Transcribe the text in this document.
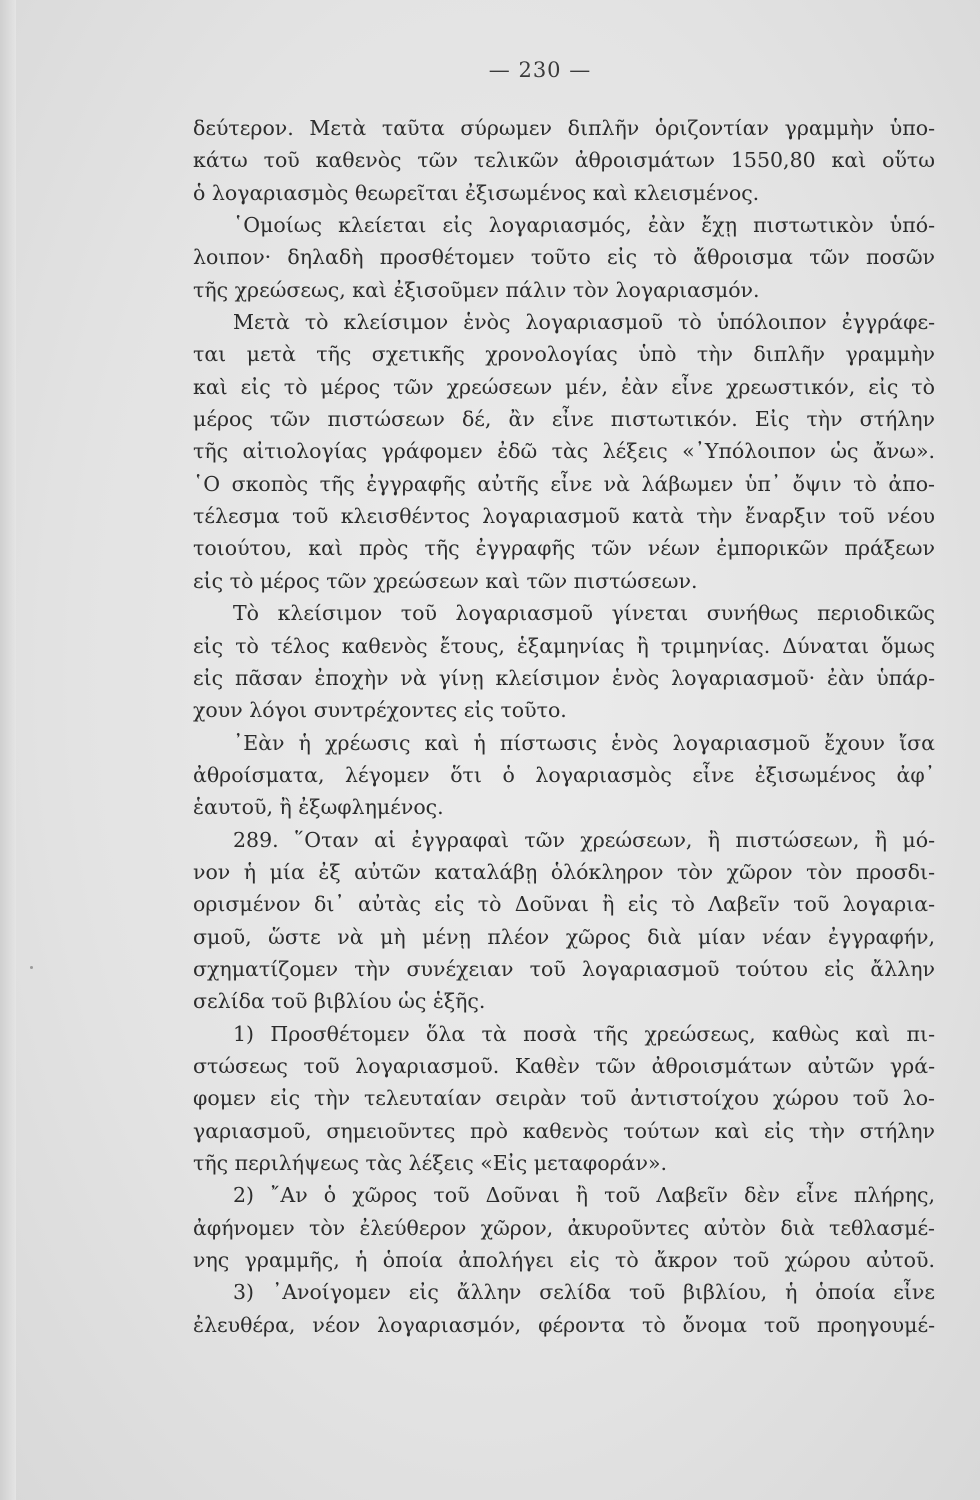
— 230 —
δεύτερον. Μετὰ ταῦτα σύρωμεν διπλῆν ὁριζοντίαν γραμμὴν ὑπο-
κάτω τοῦ καθενὸς τῶν τελικῶν ἀθροισμάτων 1550,80 καὶ οὕτω
ὁ λογαριασμὸς θεωρεῖται ἐξισωμένος καὶ κλεισμένος.
῾Ομοίως κλείεται εἰς λογαριασμός, ἐὰν ἔχῃ πιστωτικὸν ὑπό-
λοιπον· δηλαδὴ προσθέτομεν τοῦτο εἰς τὸ ἄθροισμα τῶν ποσῶν
τῆς χρεώσεως, καὶ ἐξισοῦμεν πάλιν τὸν λογαριασμόν.
Μετὰ τὸ κλείσιμον ἑνὸς λογαριασμοῦ τὸ ὑπόλοιπον ἐγγράφε-
ται μετὰ τῆς σχετικῆς χρονολογίας ὑπὸ τὴν διπλῆν γραμμὴν
καὶ εἰς τὸ μέρος τῶν χρεώσεων μέν, ἐὰν εἶνε χρεωστικόν, εἰς τὸ
μέρος τῶν πιστώσεων δέ, ἂν εἶνε πιστωτικόν. Εἰς τὴν στήλην
τῆς αἰτιολογίας γράφομεν ἐδῶ τὰς λέξεις «᾿Υπόλοιπον ὡς ἄνω».
῾Ο σκοπὸς τῆς ἐγγραφῆς αὐτῆς εἶνε νὰ λάβωμεν ὑπ᾿ ὄψιν τὸ ἀπο-
τέλεσμα τοῦ κλεισθέντος λογαριασμοῦ κατὰ τὴν ἔναρξιν τοῦ νέου
τοιούτου, καὶ πρὸς τῆς ἐγγραφῆς τῶν νέων ἐμπορικῶν πράξεων
εἰς τὸ μέρος τῶν χρεώσεων καὶ τῶν πιστώσεων.
Τὸ κλείσιμον τοῦ λογαριασμοῦ γίνεται συνήθως περιοδικῶς
εἰς τὸ τέλος καθενὸς ἔτους, ἑξαμηνίας ἢ τριμηνίας. Δύναται ὅμως
εἰς πᾶσαν ἐποχὴν νὰ γίνῃ κλείσιμον ἑνὸς λογαριασμοῦ· ἐὰν ὑπάρ-
χουν λόγοι συντρέχοντες εἰς τοῦτο.
᾿Εὰν ἡ χρέωσις καὶ ἡ πίστωσις ἑνὸς λογαριασμοῦ ἔχουν ἴσα
ἀθροίσματα, λέγομεν ὅτι ὁ λογαριασμὸς εἶνε ἐξισωμένος ἀφ᾿
ἑαυτοῦ, ἢ ἐξωφλημένος.
289. ῞Οταν αἱ ἐγγραφαὶ τῶν χρεώσεων, ἢ πιστώσεων, ἢ μό-
νον ἡ μία ἐξ αὐτῶν καταλάβῃ ὁλόκληρον τὸν χῶρον τὸν προσδι-
ορισμένον δι᾿ αὐτὰς εἰς τὸ Δοῦναι ἢ εἰς τὸ Λαβεῖν τοῦ λογαρια-
σμοῦ, ὥστε νὰ μὴ μένῃ πλέον χῶρος διὰ μίαν νέαν ἐγγραφήν,
σχηματίζομεν τὴν συνέχειαν τοῦ λογαριασμοῦ τούτου εἰς ἄλλην
σελίδα τοῦ βιβλίου ὡς ἑξῆς.
1) Προσθέτομεν ὅλα τὰ ποσὰ τῆς χρεώσεως, καθὼς καὶ πι-
στώσεως τοῦ λογαριασμοῦ. Καθὲν τῶν ἀθροισμάτων αὐτῶν γρά-
φομεν εἰς τὴν τελευταίαν σειρὰν τοῦ ἀντιστοίχου χώρου τοῦ λο-
γαριασμοῦ, σημειοῦντες πρὸ καθενὸς τούτων καὶ εἰς τὴν στήλην
τῆς περιλήψεως τὰς λέξεις «Εἰς μεταφοράν».
2) ῎Αν ὁ χῶρος τοῦ Δοῦναι ἢ τοῦ Λαβεῖν δὲν εἶνε πλήρης,
ἀφήνομεν τὸν ἐλεύθερον χῶρον, ἀκυροῦντες αὐτὸν διὰ τεθλασμέ-
νης γραμμῆς, ἡ ὁποία ἀπολήγει εἰς τὸ ἄκρον τοῦ χώρου αὐτοῦ.
3) ᾿Ανοίγομεν εἰς ἄλλην σελίδα τοῦ βιβλίου, ἡ ὁποία εἶνε
ἐλευθέρα, νέον λογαριασμόν, φέροντα τὸ ὄνομα τοῦ προηγουμέ-
